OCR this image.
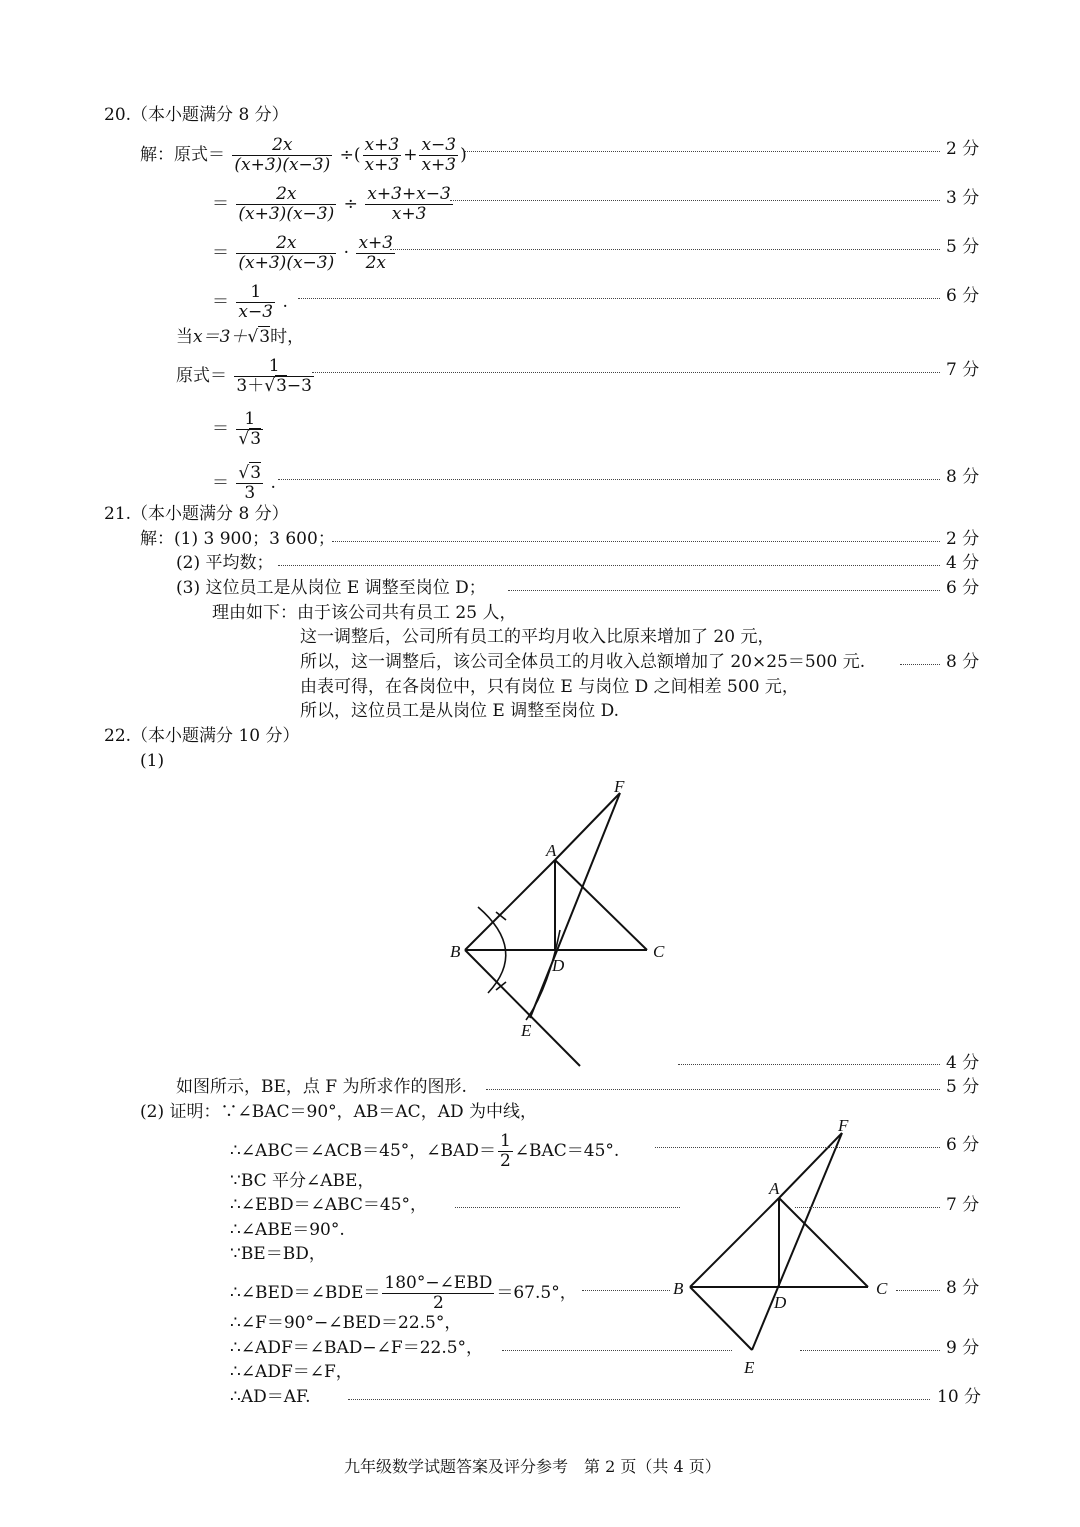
20.（本小题满分 8 分）
解：原式＝ $\frac{2x}{(x+3)(x-3)}$ ÷( $\frac{x+3}{x+3} + \frac{x-3}{x+3}$ )	2 分
＝ $\frac{2x}{(x+3)(x-3)} \div \frac{x+3+x-3}{x+3}$	3 分
＝ $\frac{2x}{(x+3)(x-3)} \cdot \frac{x+3}{2x}$	5 分
＝ $\frac{1}{x-3}$ .	6 分
当x＝3＋√3时，
原式＝ $\frac{1}{3+√3-3}$	7 分
＝ $\frac{1}{√3}$
＝ $\frac{√3}{3}$ .	8 分
21.（本小题满分 8 分）
解：(1) 3 900；3 600；	2 分
(2) 平均数；	4 分
(3) 这位员工是从岗位 E 调整至岗位 D；	6 分
理由如下：由于该公司共有员工 25 人，
这一调整后，公司所有员工的平均月收入比原来增加了 20 元，
所以，这一调整后，该公司全体员工的月收入总额增加了 20×25＝500 元.	8 分
由表可得，在各岗位中，只有岗位 E 与岗位 D 之间相差 500 元，
所以，这位员工是从岗位 E 调整至岗位 D.
22.（本小题满分 10 分）
(1)
F
A
B	C
D
E
F
A
B	C
D
E
4 分
如图所示，BE，点 F 为所求作的图形.	5 分
(2) 证明：∵∠BAC＝90°，AB＝AC，AD 为中线，
∴∠ABC＝∠ACB＝45°，∠BAD＝ $\frac{1}{2}$ ∠BAC＝45°.	6 分
∵BC 平分∠ABE，
∴∠EBD＝∠ABC＝45°，	7 分
∴∠ABE＝90°.
∵BE＝BD，
∴∠BED＝∠BDE＝ $\frac{\text{180°−∠EBD}}{2} =67.5^\circ$，	8 分
∴∠F＝90°−∠BED＝22.5°，
∴∠ADF＝∠BAD−∠F＝22.5°，	9 分
∴∠ADF＝∠F，
∴AD＝AF.	10 分
九年级数学试题答案及评分参考　第 2 页（共 4 页）
